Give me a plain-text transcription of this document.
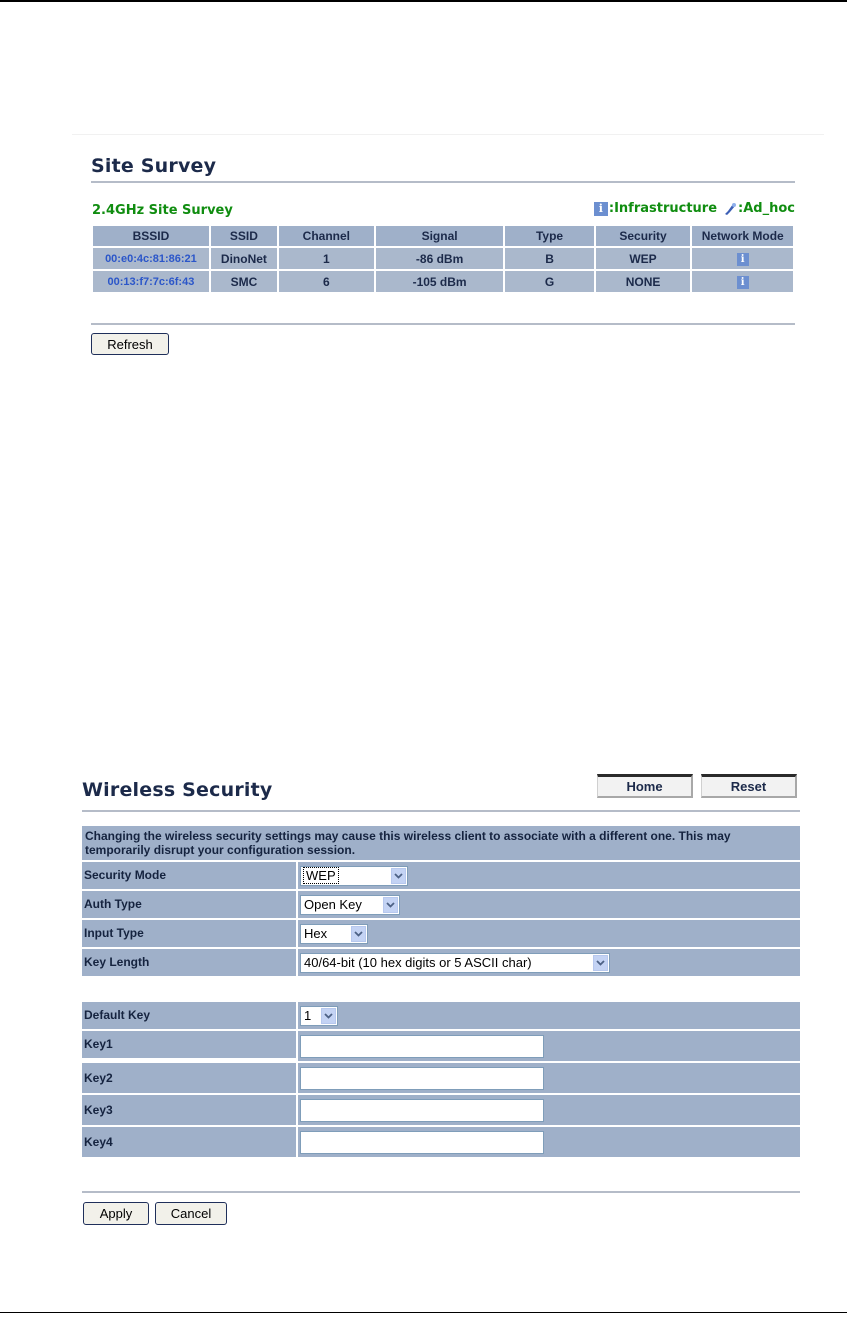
Site Survey
2.4GHz Site Survey	i :Infrastructure :Ad_hoc
BSSID	SSID	Channel	Signal	Type	Security	Network Mode
00:e0:4c:81:86:21	DinoNet	1	-86 dBm	B	WEP	i
00:13:f7:7c:6f:43	SMC	6	-105 dBm	G	NONE	i
Refresh
Wireless Security	Home	Reset
Changing the wireless security settings may cause this wireless client to associate with a different one. This may temporarily disrupt your configuration session.
Security Mode	WEP
Auth Type	Open Key
Input Type	Hex
Key Length	40/64-bit (10 hex digits or 5 ASCII char)
Default Key	1
Key1
Key2
Key3
Key4
Apply	Cancel
